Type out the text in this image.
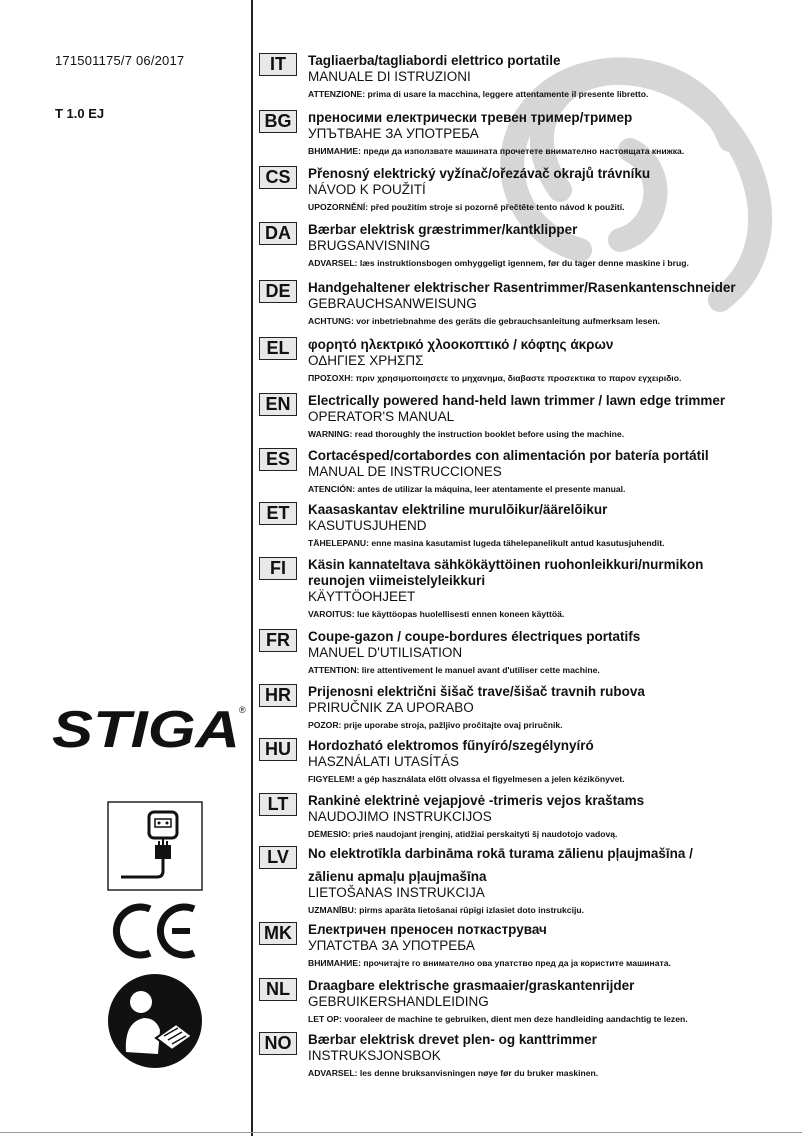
171501175/7 06/2017
T 1.0 EJ
STIGA ®
IT	Tagliaerba/tagliabordi elettrico portatile
MANUALE DI ISTRUZIONI
ATTENZIONE: prima di usare la macchina, leggere attentamente il presente libretto.
BG	преносими електрически тревен тример/тример
УПЪТВАНЕ ЗА УПОТРЕБА
ВНИМАНИЕ: преди да използвате машината прочетете внимателно настоящата книжка.
CS	Přenosný elektrický vyžínač/ořezávač okrajů trávníku
NÁVOD K POUŽITÍ
UPOZORNĚNÍ: před použitím stroje si pozorně přečtěte tento návod k použití.
DA	Bærbar elektrisk græstrimmer/kantklipper
BRUGSANVISNING
ADVARSEL: læs instruktionsbogen omhyggeligt igennem, før du tager denne maskine i brug.
DE	Handgehaltener elektrischer Rasentrimmer/Rasenkantenschneider
GEBRAUCHSANWEISUNG
ACHTUNG: vor inbetriebnahme des geräts die gebrauchsanleitung aufmerksam lesen.
EL	φορητό ηλεκτρικό χλοοκοπτικό / κόφτης άκρων
ΟΔΗΓΙΕΣ ΧΡΗΣΠΣ
ΠΡΟΣΟΧΗ: πριν χρησιμοποιησετε το μηχανημα, διαβαστε προσεκτικα το παρον εγχειριδιο.
EN	Electrically powered hand-held lawn trimmer / lawn edge trimmer
OPERATOR'S MANUAL
WARNING: read thoroughly the instruction booklet before using the machine.
ES	Cortacésped/cortabordes con alimentación por batería portátil
MANUAL DE INSTRUCCIONES
ATENCIÓN: antes de utilizar la máquina, leer atentamente el presente manual.
ET	Kaasaskantav elektriline murulõikur/äärelõikur
KASUTUSJUHEND
TÄHELEPANU: enne masina kasutamist lugeda tähelepanelikult antud kasutusjuhendit.
FI	Käsin kannateltava sähkökäyttöinen ruohonleikkuri/nurmikon
reunojen viimeistelyleikkuri
KÄYTTÖOHJEET
VAROITUS: lue käyttöopas huolellisesti ennen koneen käyttöä.
FR	Coupe-gazon / coupe-bordures électriques portatifs
MANUEL D'UTILISATION
ATTENTION: lire attentivement le manuel avant d'utiliser cette machine.
HR	Prijenosni električni šišač trave/šišač travnih rubova
PRIRUČNIK ZA UPORABO
POZOR: prije uporabe stroja, pažljivo pročitajte ovaj priručnik.
HU	Hordozható elektromos fűnyíró/szegélynyíró
HASZNÁLATI UTASÍTÁS
FIGYELEM! a gép használata előtt olvassa el figyelmesen a jelen kézikönyvet.
LT	Rankinė elektrinė vejapjovė -trimeris vejos kraštams
NAUDOJIMO INSTRUKCIJOS
DĖMESIO: prieš naudojant įrenginį, atidžiai perskaityti šį naudotojo vadovą.
LV	No elektrotīkla darbināma rokā turama zālienu pļaujmašīna /
zālienu apmaļu pļaujmašīna
LIETOŠANAS INSTRUKCIJA
UZMANĪBU: pirms aparāta lietošanai rūpīgi izlasiet doto instrukciju.
MK	Електричен преносен поткаструвач
УПАТСТВА ЗА УПОТРЕБА
ВНИМАНИЕ: прочитајте го внимателно ова упатство пред да ја користите машината.
NL	Draagbare elektrische grasmaaier/graskantenrijder
GEBRUIKERSHANDLEIDING
LET OP: vooraleer de machine te gebruiken, dient men deze handleiding aandachtig te lezen.
NO	Bærbar elektrisk drevet plen- og kanttrimmer
INSTRUKSJONSBOK
ADVARSEL: les denne bruksanvisningen nøye før du bruker maskinen.
